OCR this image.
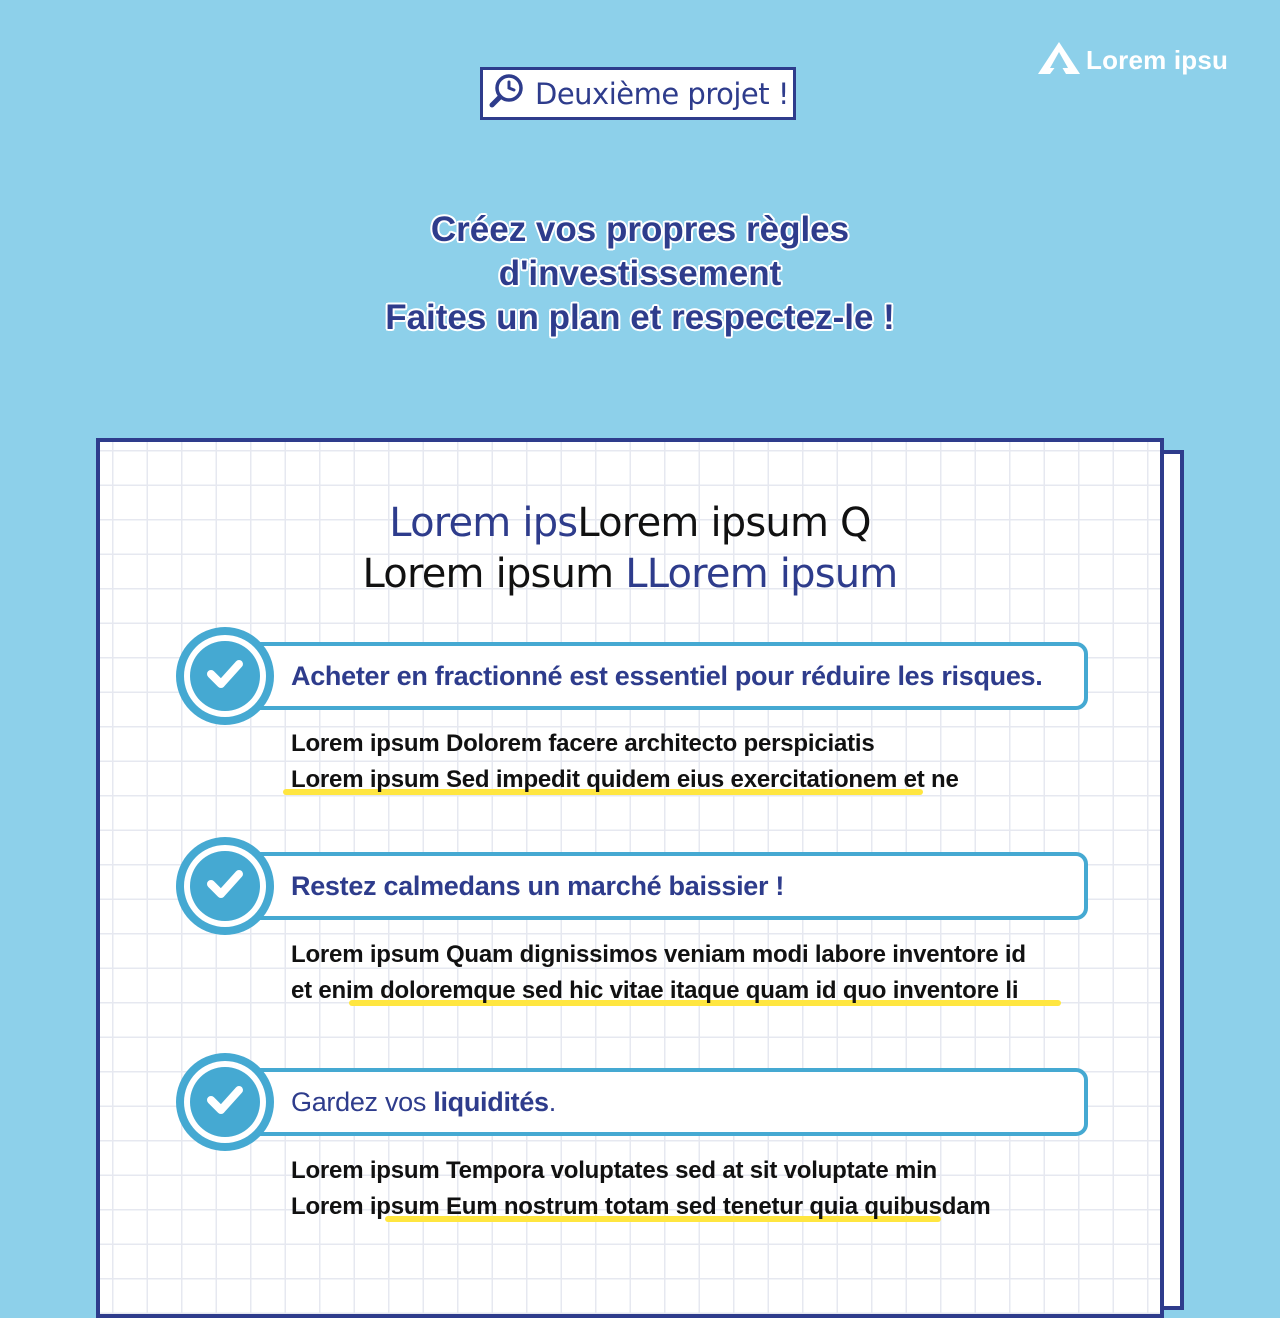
Lorem ipsu
Deuxième projet !
Créez vos propres règles
d'investissement
Faites un plan et respectez-le !
Lorem ipsLorem ipsum Q
Lorem ipsum LLorem ipsum
Acheter en fractionné est essentiel pour réduire les risques.
Lorem ipsum Dolorem facere architecto perspiciatis
Lorem ipsum Sed impedit quidem eius exercitationem et ne
Restez calmedans un marché baissier !
Lorem ipsum Quam dignissimos veniam modi labore inventore id
et enim doloremque sed hic vitae itaque quam id quo inventore li
Gardez vos liquidités.
Lorem ipsum Tempora voluptates sed at sit voluptate min
Lorem ipsum Eum nostrum totam sed tenetur quia quibusdam
